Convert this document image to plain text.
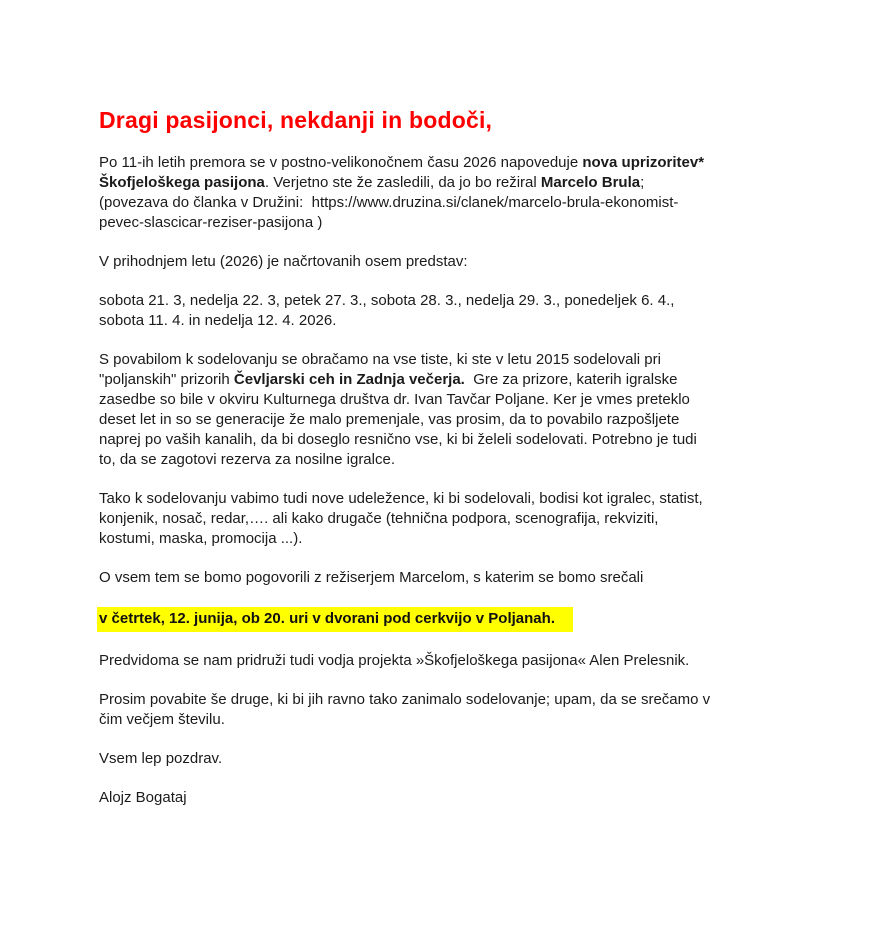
Dragi pasijonci, nekdanji in bodoči,

Po 11-ih letih premora se v postno-velikonočnem času 2026 napoveduje nova uprizoritev*
Škofjeloškega pasijona. Verjetno ste že zasledili, da jo bo režiral Marcelo Brula;
(povezava do članka v Družini:  https://www.druzina.si/clanek/marcelo-brula-ekonomist-
pevec-slascicar-reziser-pasijona )

V prihodnjem letu (2026) je načrtovanih osem predstav:

sobota 21. 3, nedelja 22. 3, petek 27. 3., sobota 28. 3., nedelja 29. 3., ponedeljek 6. 4.,
sobota 11. 4. in nedelja 12. 4. 2026.

S povabilom k sodelovanju se obračamo na vse tiste, ki ste v letu 2015 sodelovali pri
"poljanskih" prizorih Čevljarski ceh in Zadnja večerja.  Gre za prizore, katerih igralske
zasedbe so bile v okviru Kulturnega društva dr. Ivan Tavčar Poljane. Ker je vmes preteklo
deset let in so se generacije že malo premenjale, vas prosim, da to povabilo razpošljete
naprej po vaših kanalih, da bi doseglo resnično vse, ki bi želeli sodelovati. Potrebno je tudi
to, da se zagotovi rezerva za nosilne igralce.

Tako k sodelovanju vabimo tudi nove udeležence, ki bi sodelovali, bodisi kot igralec, statist,
konjenik, nosač, redar,…. ali kako drugače (tehnična podpora, scenografija, rekviziti,
kostumi, maska, promocija ...).

O vsem tem se bomo pogovorili z režiserjem Marcelom, s katerim se bomo srečali

v četrtek, 12. junija, ob 20. uri v dvorani pod cerkvijo v Poljanah.

Predvidoma se nam pridruži tudi vodja projekta »Škofjeloškega pasijona« Alen Prelesnik.

Prosim povabite še druge, ki bi jih ravno tako zanimalo sodelovanje; upam, da se srečamo v
čim večjem številu.

Vsem lep pozdrav.

Alojz Bogataj
